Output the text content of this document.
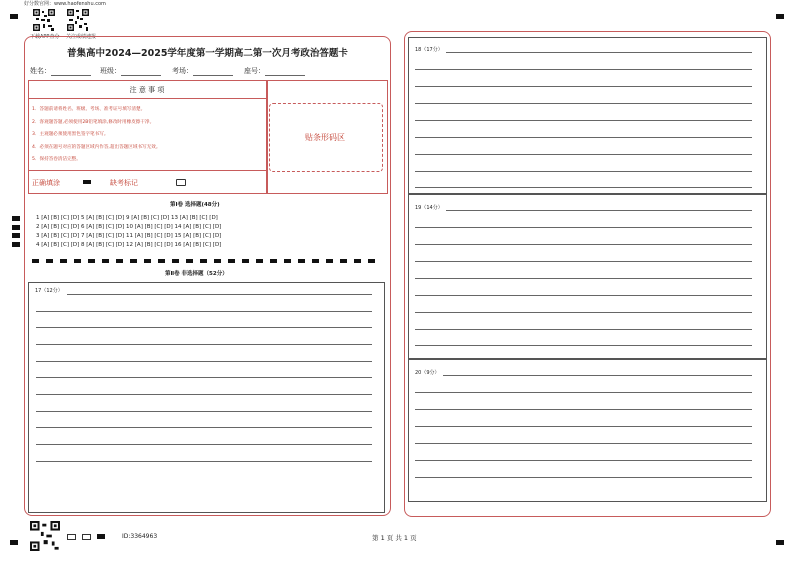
好分数官网：www.haofenshu.com
下载APP查分 关注成绩速报
普集高中2024—2025学年度第一学期高二第一次月考政治答题卡
姓名：	班级：	考场：	座号：
注 意 事 项
1．答题前请将姓名、班级、考场、准考证号填写清楚。
2．客观题答题,必须使用2B铅笔填涂,修改时用橡皮擦干净。
3．主观题必须使用黑色签字笔书写。
4．必须在题号对应的答题区域内作答,超出答题区域书写无效。
5．保持答卷清洁完整。
正确填涂	缺考标记
贴条形码区
第Ⅰ卷 选择题(48分)
1 [A] [B] [C] [D] 5 [A] [B] [C] [D] 9 [A] [B] [C] [D] 13 [A] [B] [C] [D]
2 [A] [B] [C] [D] 6 [A] [B] [C] [D] 10 [A] [B] [C] [D] 14 [A] [B] [C] [D]
3 [A] [B] [C] [D] 7 [A] [B] [C] [D] 11 [A] [B] [C] [D] 15 [A] [B] [C] [D]
4 [A] [B] [C] [D] 8 [A] [B] [C] [D] 12 [A] [B] [C] [D] 16 [A] [B] [C] [D]
第Ⅱ卷 非选择题（52分）
17（12分）
18（17分）
19（14分）
20（9分）
ID:3364963	第 1 页 共 1 页
